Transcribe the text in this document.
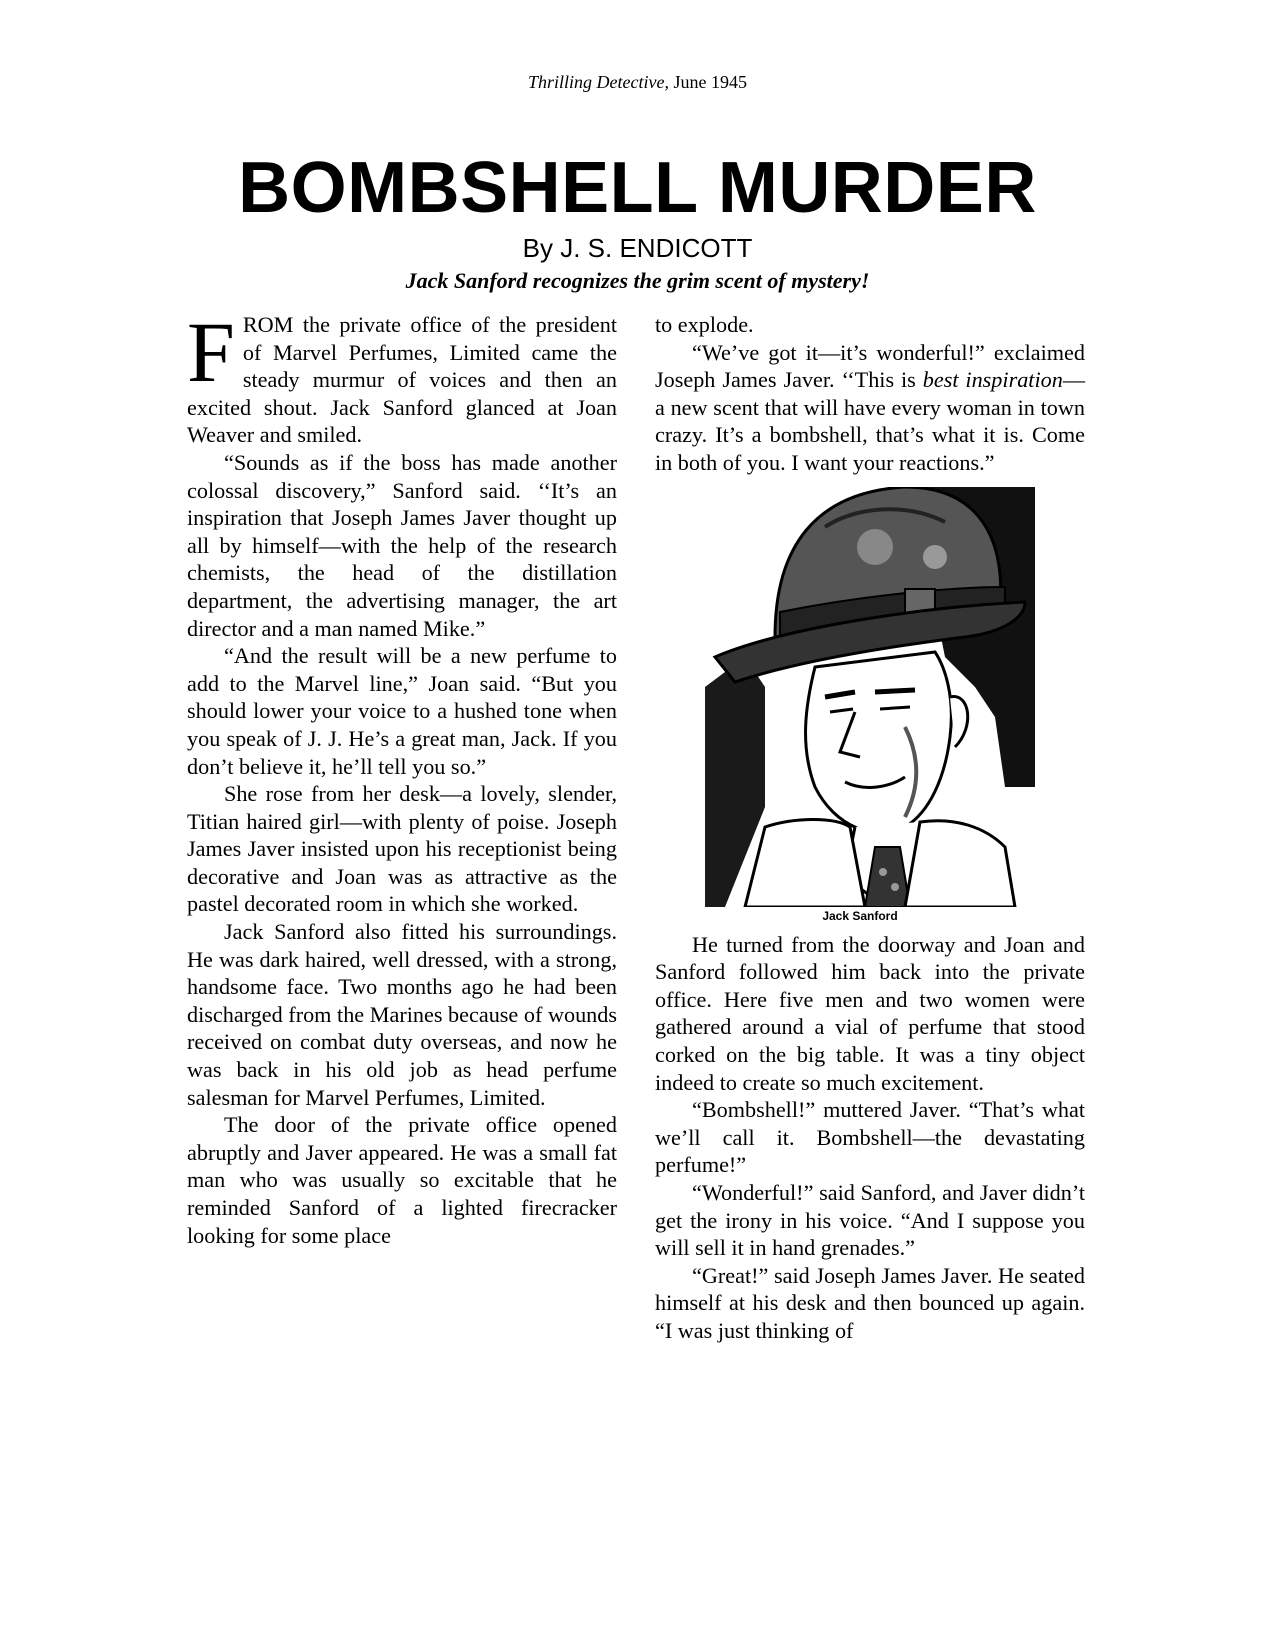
Thrilling Detective, June 1945
BOMBSHELL MURDER
By J. S. ENDICOTT
Jack Sanford recognizes the grim scent of mystery!

FROM the private office of the president of Marvel Perfumes, Limited came the steady murmur of voices and then an excited shout. Jack Sanford glanced at Joan Weaver and smiled.

“Sounds as if the boss has made another colossal discovery,” Sanford said. ‘‘It’s an inspiration that Joseph James Javer thought up all by himself—with the help of the research chemists, the head of the distillation department, the advertising manager, the art director and a man named Mike.”

“And the result will be a new perfume to add to the Marvel line,” Joan said. “But you should lower your voice to a hushed tone when you speak of J. J. He’s a great man, Jack. If you don’t believe it, he’ll tell you so.”

She rose from her desk—a lovely, slender, Titian haired girl—with plenty of poise. Joseph James Javer insisted upon his receptionist being decorative and Joan was as attractive as the pastel decorated room in which she worked.

Jack Sanford also fitted his surroundings. He was dark haired, well dressed, with a strong, handsome face. Two months ago he had been discharged from the Marines because of wounds received on combat duty overseas, and now he was back in his old job as head perfume salesman for Marvel Perfumes, Limited.

The door of the private office opened abruptly and Javer appeared. He was a small fat man who was usually so excitable that he reminded Sanford of a lighted firecracker looking for some place

to explode.

“We’ve got it—it’s wonderful!” exclaimed Joseph James Javer. ‘‘This is best inspiration—a new scent that will have every woman in town crazy. It’s a bombshell, that’s what it is. Come in both of you. I want your reactions.”

Jack Sanford

He turned from the doorway and Joan and Sanford followed him back into the private office. Here five men and two women were gathered around a vial of perfume that stood corked on the big table. It was a tiny object indeed to create so much excitement.

“Bombshell!” muttered Javer. “That’s what we’ll call it. Bombshell—the devastating perfume!”

“Wonderful!” said Sanford, and Javer didn’t get the irony in his voice. “And I suppose you will sell it in hand grenades.”

“Great!” said Joseph James Javer. He seated himself at his desk and then bounced up again. “I was just thinking of
